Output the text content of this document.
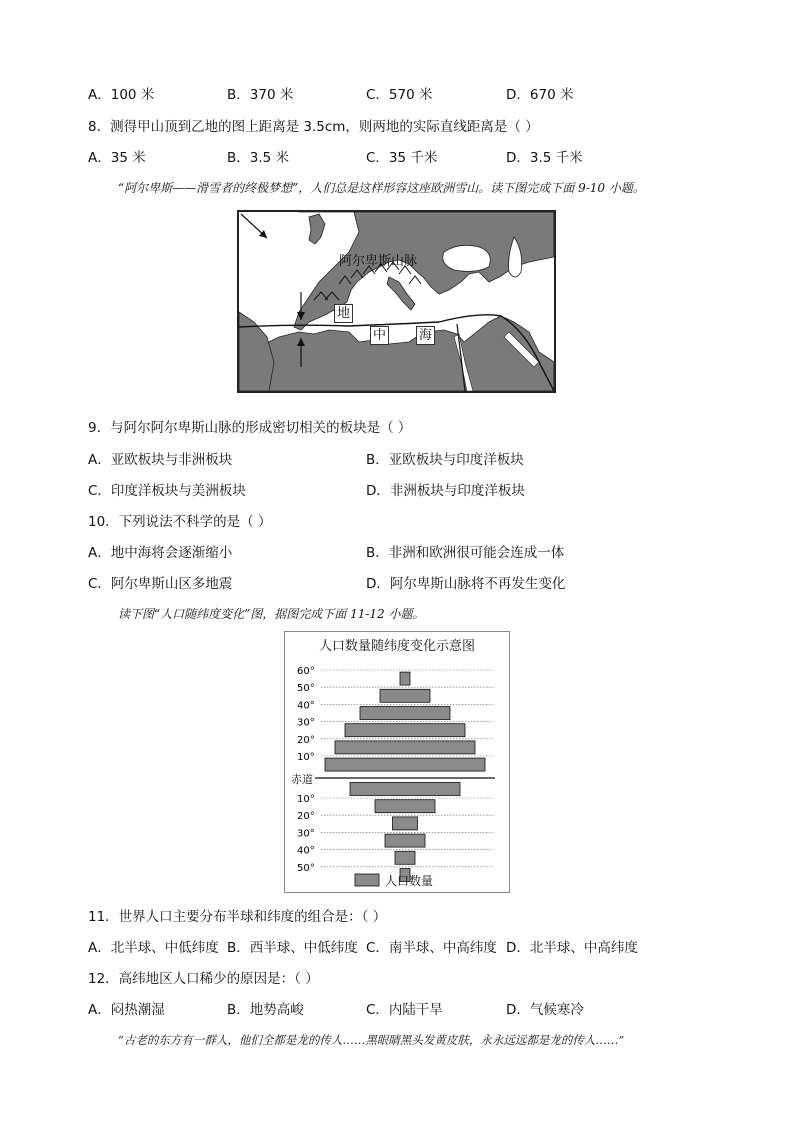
A．100 米	B．370 米	C．570 米	D．670 米
8．测得甲山顶到乙地的图上距离是 3.5cm，则两地的实际直线距离是（ ）
A．35 米	B．3.5 米	C．35 千米	D．3.5 千米
“阿尔卑斯——滑雪者的终极梦想”，人们总是这样形容这座欧洲雪山。读下图完成下面 9-10 小题。
阿尔卑斯山脉
地
中	海
9．与阿尔阿尔卑斯山脉的形成密切相关的板块是（ ）
A．亚欧板块与非洲板块	B．亚欧板块与印度洋板块
C．印度洋板块与美洲板块	D．非洲板块与印度洋板块
10．下列说法不科学的是（ ）
A．地中海将会逐渐缩小	B．非洲和欧洲很可能会连成一体
C．阿尔卑斯山区多地震	D．阿尔卑斯山脉将不再发生变化
读下图“人口随纬度变化”图，据图完成下面 11-12 小题。
人口数量随纬度变化示意图
60°
50°
40°
30°
20°
10°
10°
20°
30°
40°
50°
赤道
人口数量
11．世界人口主要分布半球和纬度的组合是：（ ）
A．北半球、中低纬度 B．西半球、中低纬度 C．南半球、中高纬度 D．北半球、中高纬度
12．高纬地区人口稀少的原因是：（ ）
A．闷热潮湿	B．地势高峻	C．内陆干旱	D．气候寒冷
“古老的东方有一群人，他们全都是龙的传人……黑眼睛黑头发黄皮肤，永永远远都是龙的传人……”
